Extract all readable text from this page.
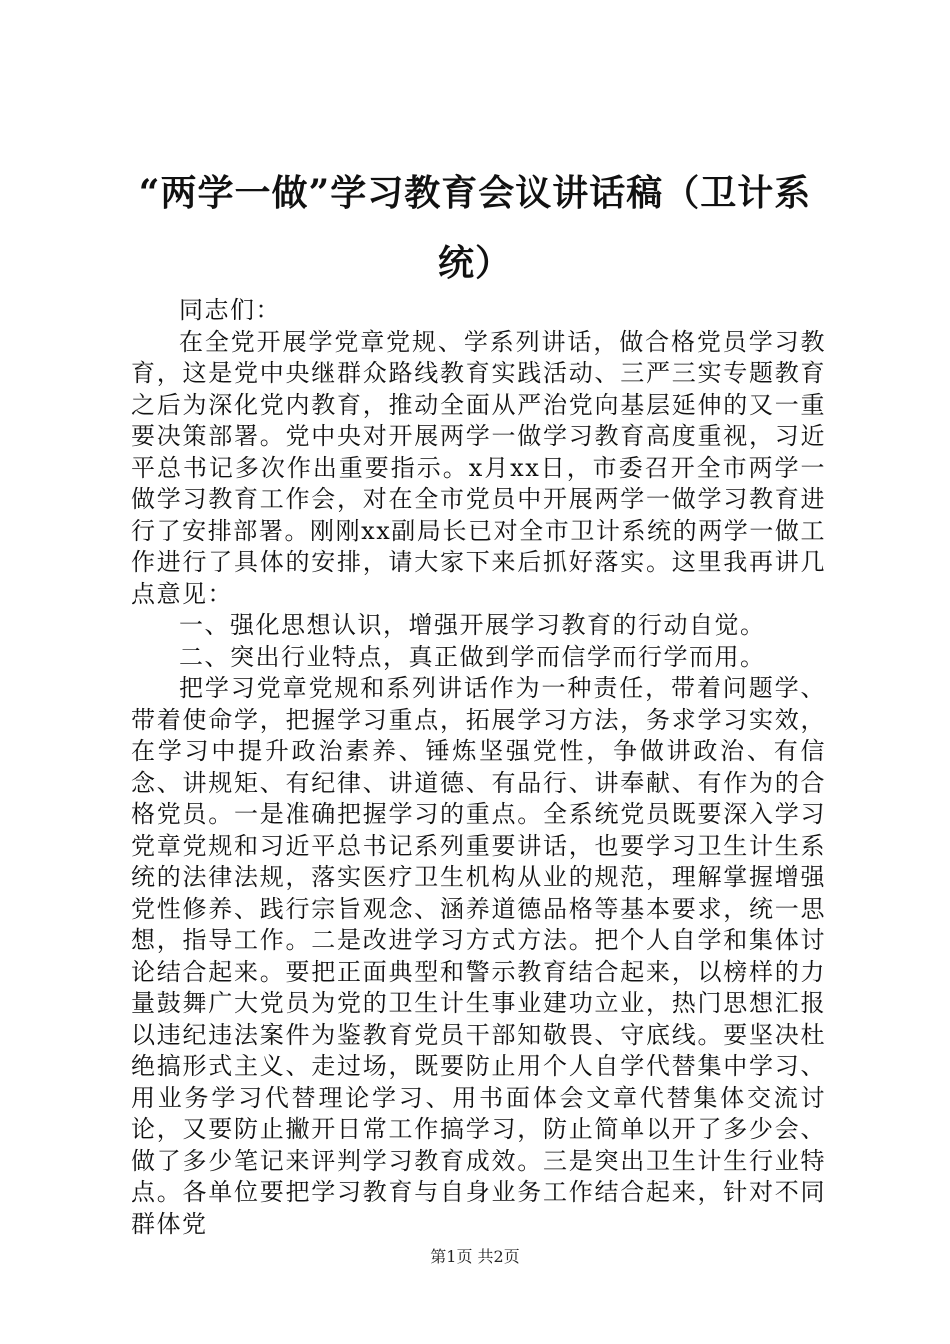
“两学一做”学习教育会议讲话稿（卫计系统）

同志们：

在全党开展学党章党规、学系列讲话，做合格党员学习教育，这是党中央继群众路线教育实践活动、三严三实专题教育之后为深化党内教育，推动全面从严治党向基层延伸的又一重要决策部署。党中央对开展两学一做学习教育高度重视，习近平总书记多次作出重要指示。x月xx日，市委召开全市两学一做学习教育工作会，对在全市党员中开展两学一做学习教育进行了安排部署。刚刚xx副局长已对全市卫计系统的两学一做工作进行了具体的安排，请大家下来后抓好落实。这里我再讲几点意见：

一、强化思想认识，增强开展学习教育的行动自觉。

二、突出行业特点，真正做到学而信学而行学而用。

把学习党章党规和系列讲话作为一种责任，带着问题学、带着使命学，把握学习重点，拓展学习方法，务求学习实效，在学习中提升政治素养、锤炼坚强党性，争做讲政治、有信念、讲规矩、有纪律、讲道德、有品行、讲奉献、有作为的合格党员。一是准确把握学习的重点。全系统党员既要深入学习党章党规和习近平总书记系列重要讲话，也要学习卫生计生系统的法律法规，落实医疗卫生机构从业的规范，理解掌握增强党性修养、践行宗旨观念、涵养道德品格等基本要求，统一思想，指导工作。二是改进学习方式方法。把个人自学和集体讨论结合起来。要把正面典型和警示教育结合起来，以榜样的力量鼓舞广大党员为党的卫生计生事业建功立业，热门思想汇报以违纪违法案件为鉴教育党员干部知敬畏、守底线。要坚决杜绝搞形式主义、走过场，既要防止用个人自学代替集中学习、用业务学习代替理论学习、用书面体会文章代替集体交流讨论，又要防止撇开日常工作搞学习，防止简单以开了多少会、做了多少笔记来评判学习教育成效。三是突出卫生计生行业特点。各单位要把学习教育与自身业务工作结合起来，针对不同群体党

第1页 共2页
